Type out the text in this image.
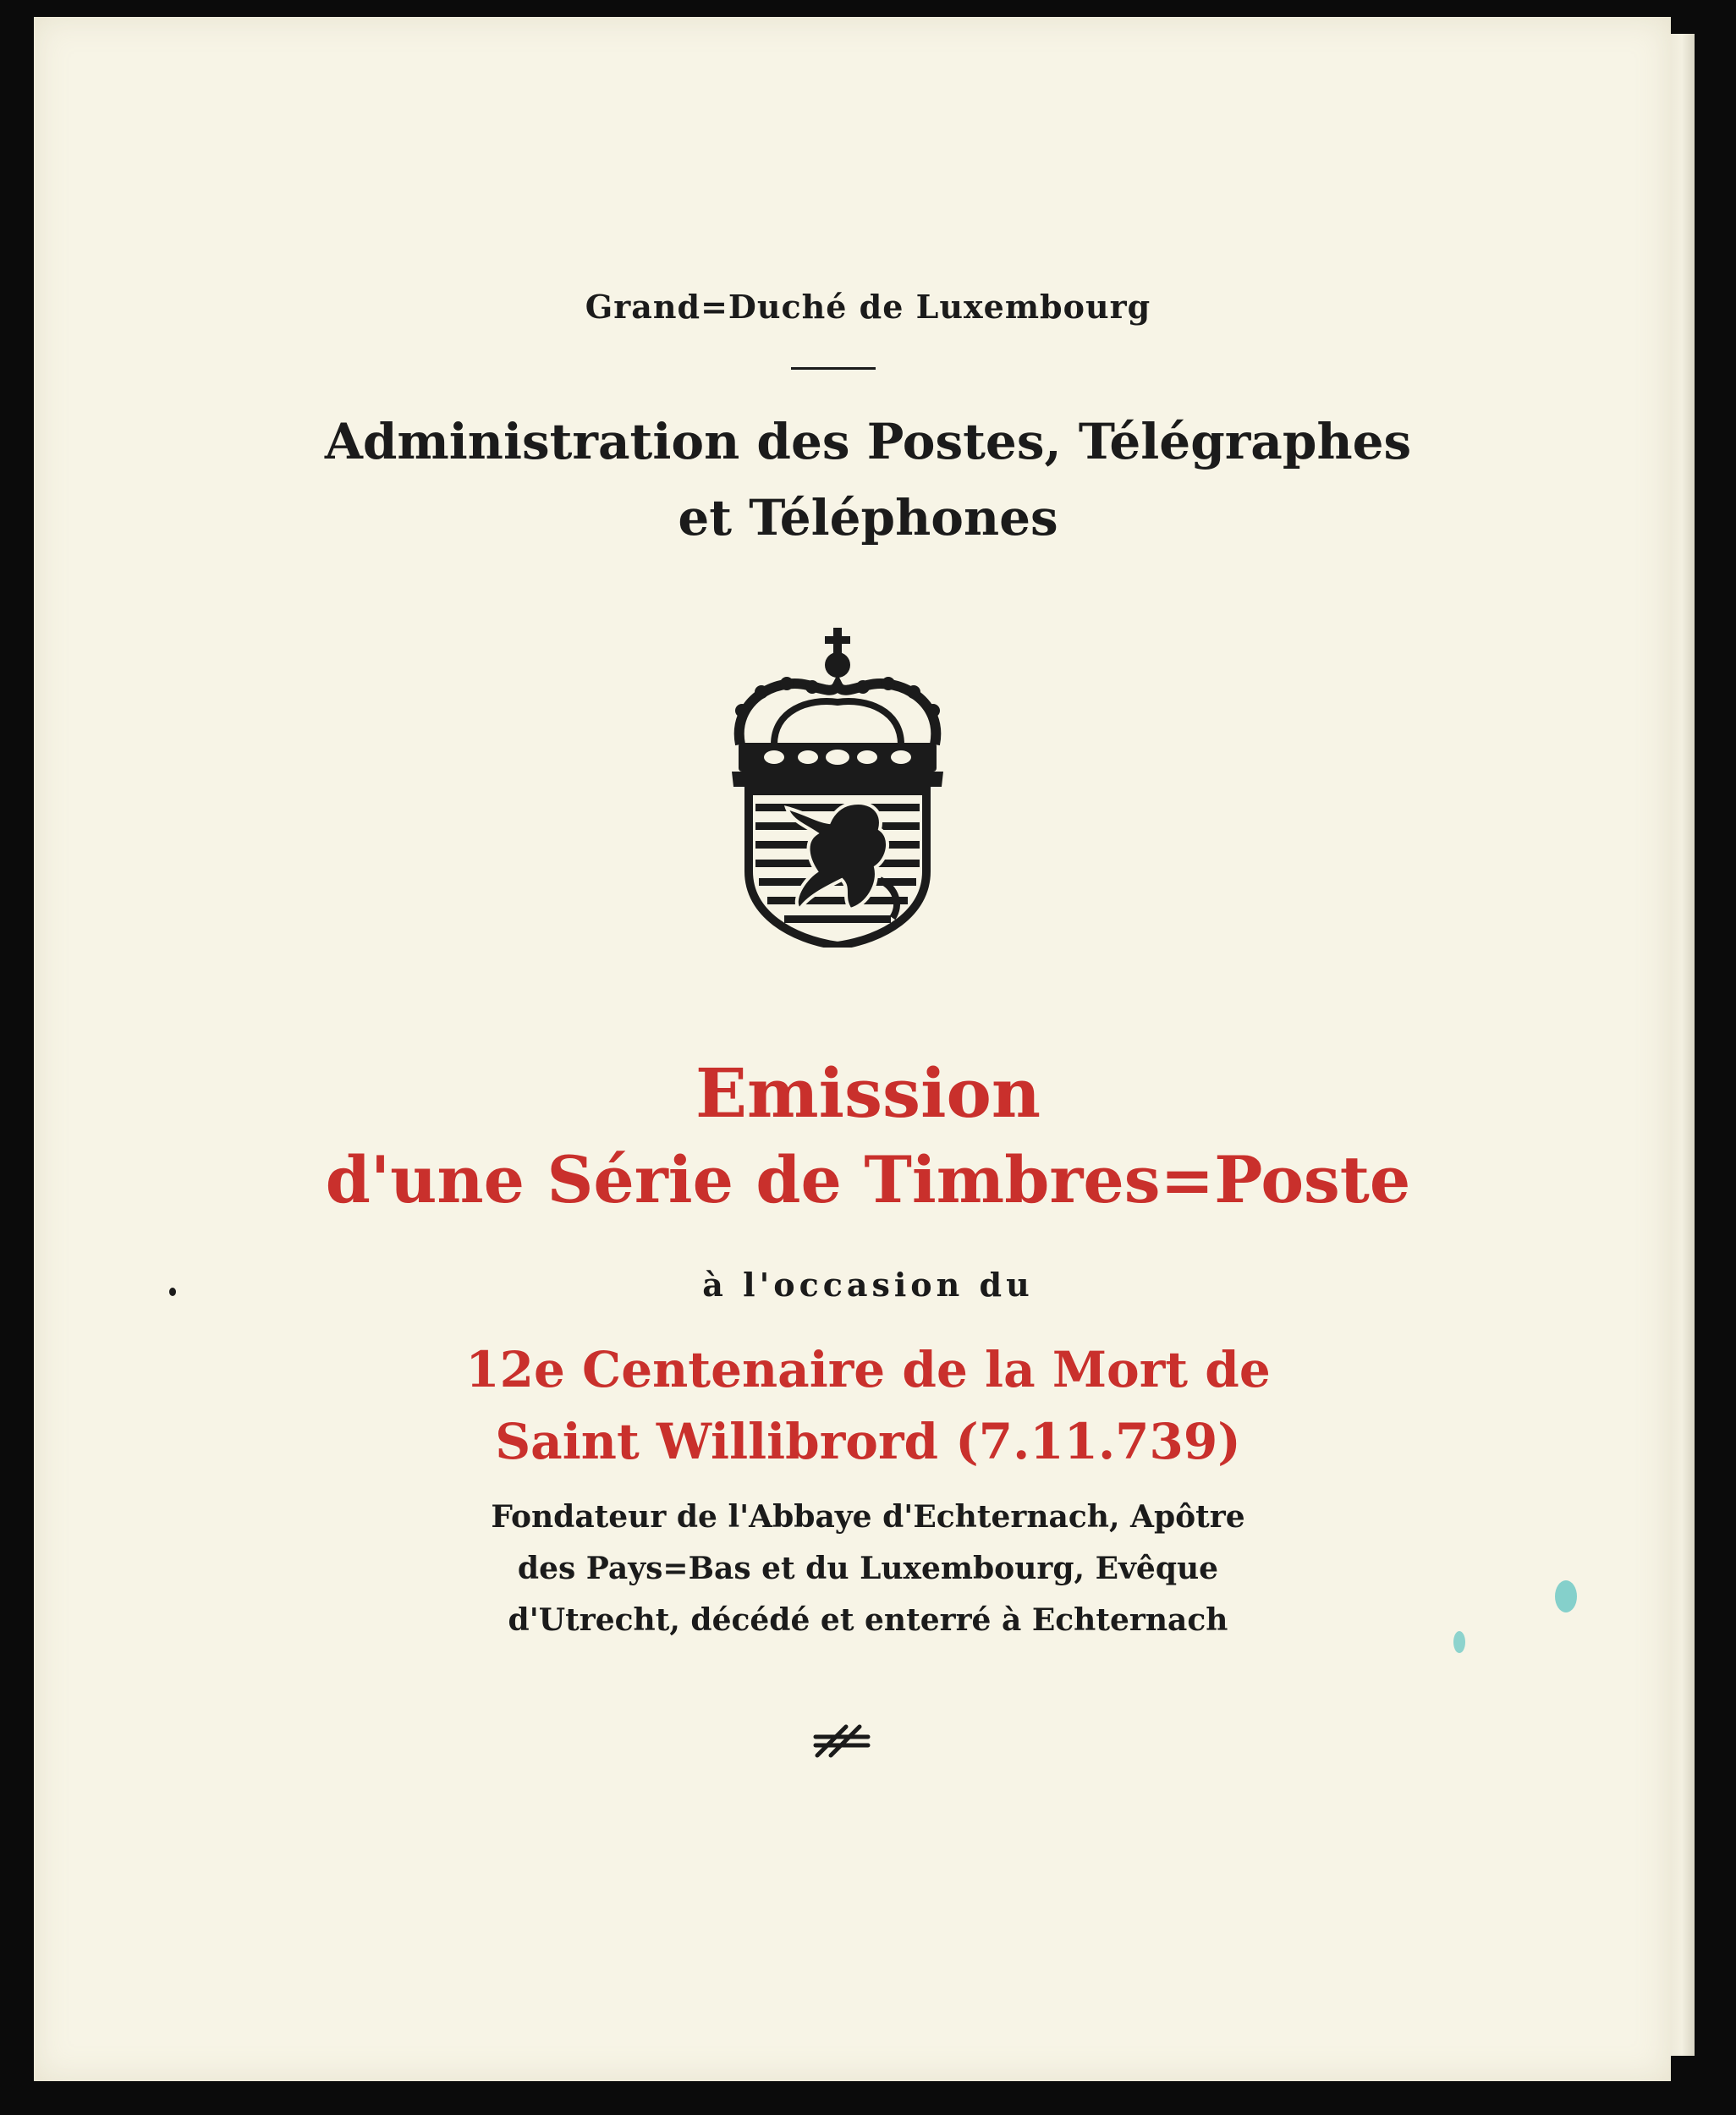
Grand=Duché de Luxembourg

Administration des Postes, Télégraphes

et Téléphones

Emission

d'une Série de Timbres=Poste

à l'occasion du

12e Centenaire de la Mort de

Saint Willibrord (7.11.739)

Fondateur de l'Abbaye d'Echternach, Apôtre

des Pays=Bas et du Luxembourg, Evêque

d'Utrecht, décédé et enterré à Echternach
